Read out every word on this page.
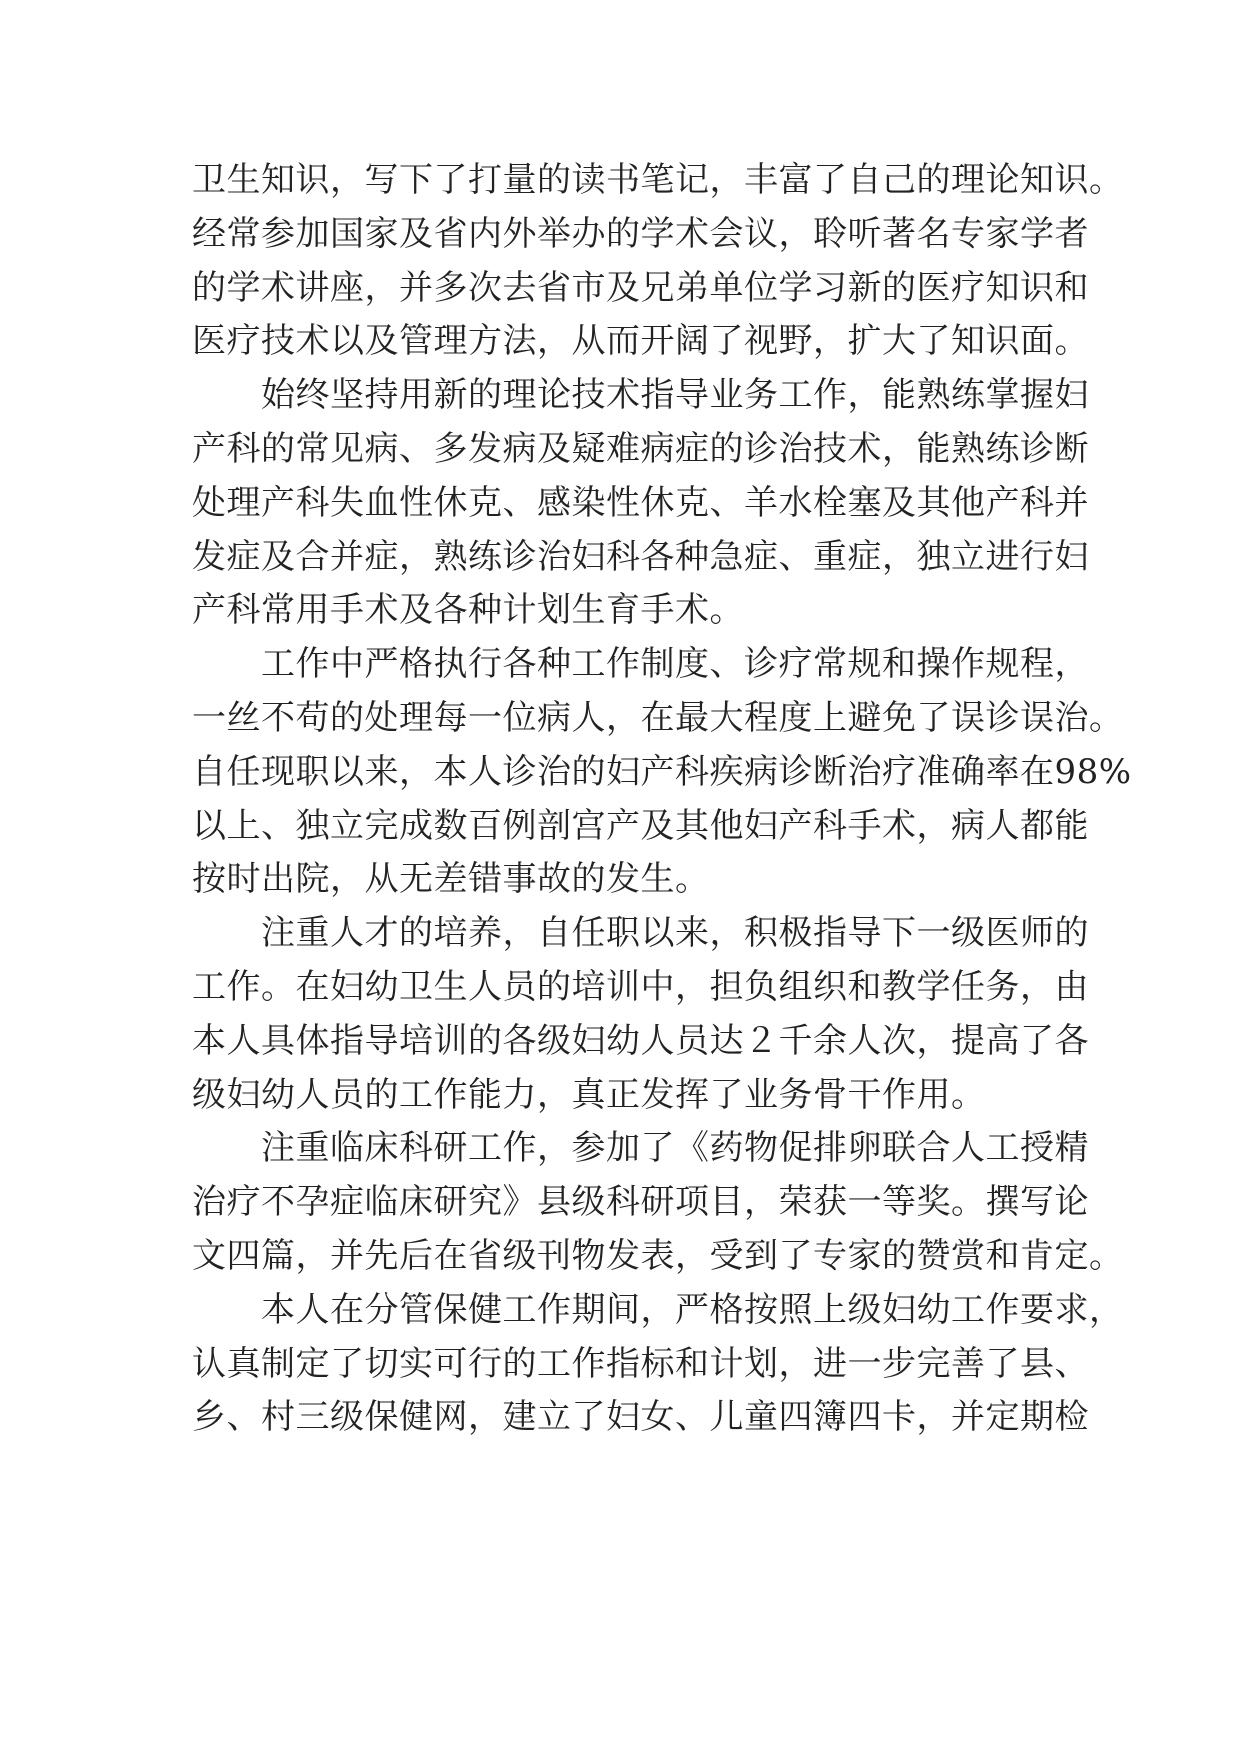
卫生知识，写下了打量的读书笔记，丰富了自己的理论知识。
经常参加国家及省内外举办的学术会议，聆听著名专家学者
的学术讲座，并多次去省市及兄弟单位学习新的医疗知识和
医疗技术以及管理方法，从而开阔了视野，扩大了知识面。
　　始终坚持用新的理论技术指导业务工作，能熟练掌握妇
产科的常见病、多发病及疑难病症的诊治技术，能熟练诊断
处理产科失血性休克、感染性休克、羊水栓塞及其他产科并
发症及合并症，熟练诊治妇科各种急症、重症，独立进行妇
产科常用手术及各种计划生育手术。
　　工作中严格执行各种工作制度、诊疗常规和操作规程，
一丝不苟的处理每一位病人，在最大程度上避免了误诊误治。
自任现职以来，本人诊治的妇产科疾病诊断治疗准确率在98%
以上、独立完成数百例剖宫产及其他妇产科手术，病人都能
按时出院，从无差错事故的发生。
　　注重人才的培养，自任职以来，积极指导下一级医师的
工作。在妇幼卫生人员的培训中，担负组织和教学任务，由
本人具体指导培训的各级妇幼人员达２千余人次，提高了各
级妇幼人员的工作能力，真正发挥了业务骨干作用。
　　注重临床科研工作，参加了《药物促排卵联合人工授精
治疗不孕症临床研究》县级科研项目，荣获一等奖。撰写论
文四篇，并先后在省级刊物发表，受到了专家的赞赏和肯定。
　　本人在分管保健工作期间，严格按照上级妇幼工作要求，
认真制定了切实可行的工作指标和计划，进一步完善了县、
乡、村三级保健网，建立了妇女、儿童四簿四卡，并定期检
